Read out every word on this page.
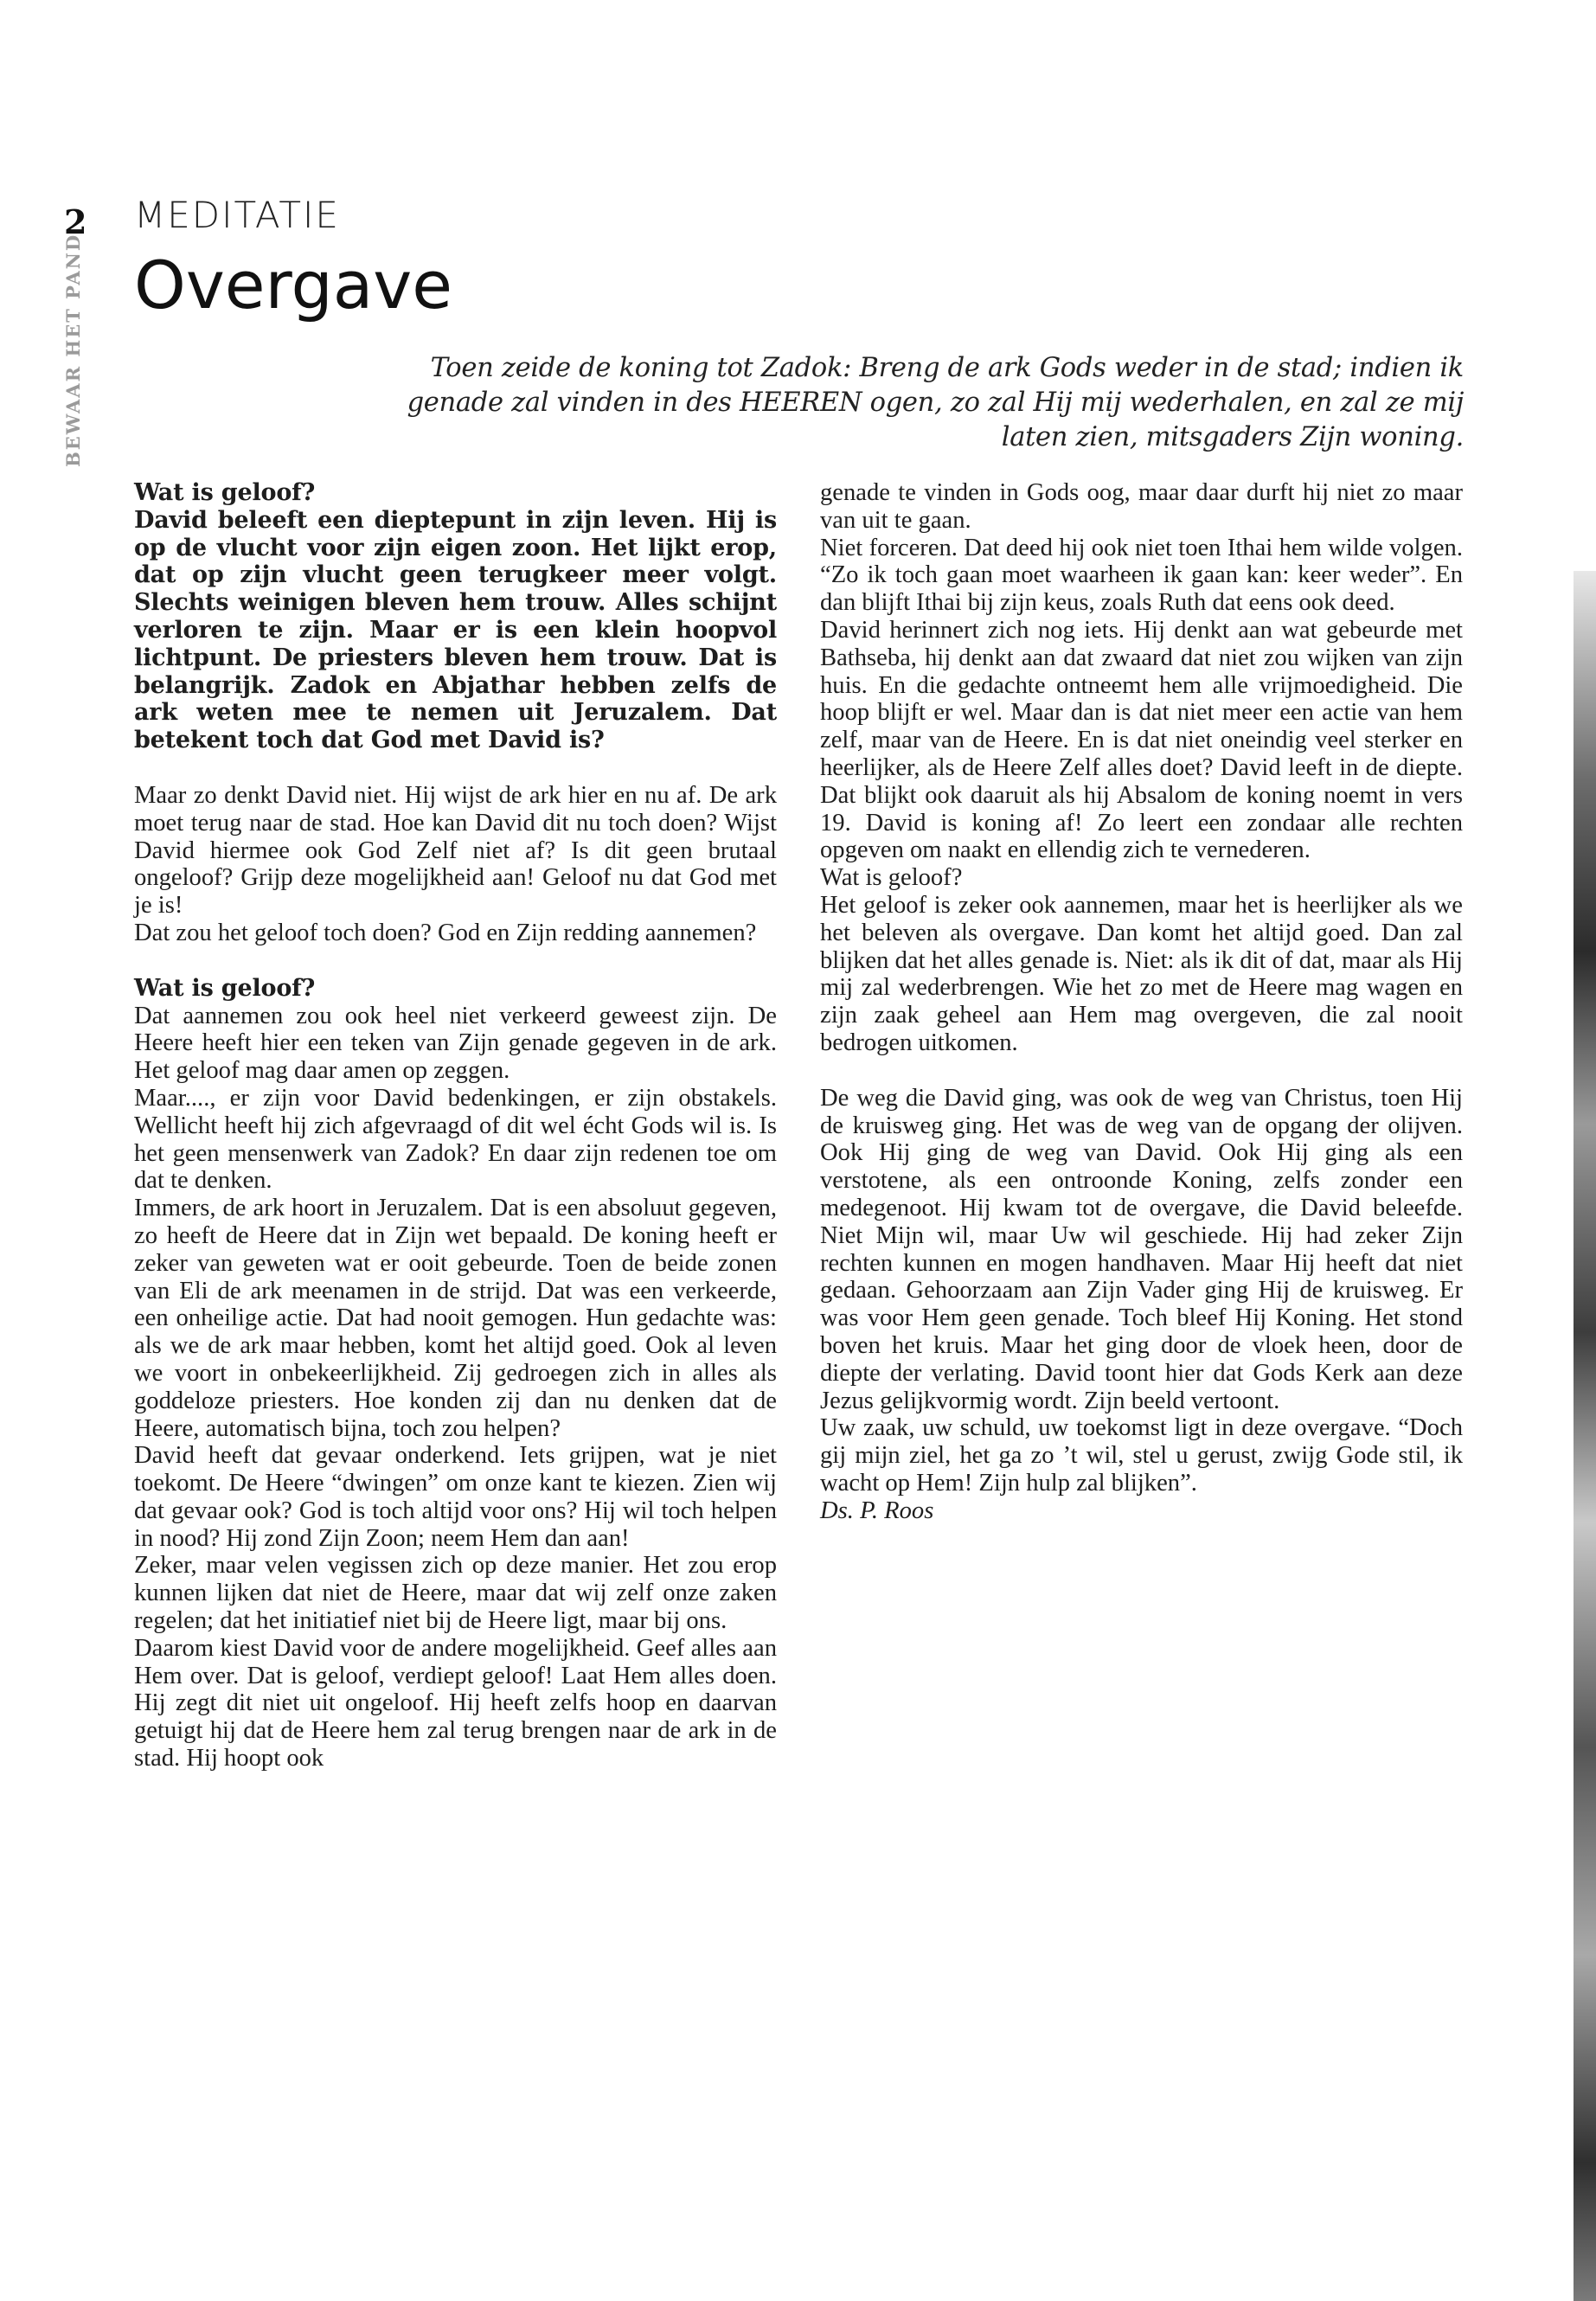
2
BEWAAR HET PAND
MEDITATIE
Overgave
Toen zeide de koning tot Zadok: Breng de ark Gods weder in de stad; indien ik genade zal vinden in des HEEREN ogen, zo zal Hij mij wederhalen, en zal ze mij laten zien, mitsgaders Zijn woning.

Wat is geloof?

David beleeft een dieptepunt in zijn leven. Hij is op de vlucht voor zijn eigen zoon. Het lijkt erop, dat op zijn vlucht geen terugkeer meer volgt. Slechts weinigen bleven hem trouw. Alles schijnt verloren te zijn. Maar er is een klein hoopvol lichtpunt. De priesters bleven hem trouw. Dat is belangrijk. Zadok en Abjathar hebben zelfs de ark weten mee te nemen uit Jeruzalem. Dat betekent toch dat God met David is?

Maar zo denkt David niet. Hij wijst de ark hier en nu af. De ark moet terug naar de stad. Hoe kan David dit nu toch doen? Wijst David hiermee ook God Zelf niet af? Is dit geen brutaal ongeloof? Grijp deze mogelijkheid aan! Geloof nu dat God met je is!

Dat zou het geloof toch doen? God en Zijn redding aannemen?

Wat is geloof?

Dat aannemen zou ook heel niet verkeerd geweest zijn. De Heere heeft hier een teken van Zijn genade gegeven in de ark. Het geloof mag daar amen op zeggen.

Maar...., er zijn voor David bedenkingen, er zijn obstakels. Wellicht heeft hij zich afgevraagd of dit wel écht Gods wil is. Is het geen mensenwerk van Zadok? En daar zijn redenen toe om dat te denken.

Immers, de ark hoort in Jeruzalem. Dat is een absoluut gegeven, zo heeft de Heere dat in Zijn wet bepaald. De koning heeft er zeker van geweten wat er ooit gebeurde. Toen de beide zonen van Eli de ark meenamen in de strijd. Dat was een verkeerde, een onheilige actie. Dat had nooit gemogen. Hun gedachte was: als we de ark maar hebben, komt het altijd goed. Ook al leven we voort in onbekeerlijkheid. Zij gedroegen zich in alles als goddeloze priesters. Hoe konden zij dan nu denken dat de Heere, automatisch bijna, toch zou helpen?

David heeft dat gevaar onderkend. Iets grijpen, wat je niet toekomt. De Heere “dwingen” om onze kant te kiezen. Zien wij dat gevaar ook? God is toch altijd voor ons? Hij wil toch helpen in nood? Hij zond Zijn Zoon; neem Hem dan aan!

Zeker, maar velen vegissen zich op deze manier. Het zou erop kunnen lijken dat niet de Heere, maar dat wij zelf onze zaken regelen; dat het initiatief niet bij de Heere ligt, maar bij ons.

Daarom kiest David voor de andere mogelijkheid. Geef alles aan Hem over. Dat is geloof, verdiept geloof! Laat Hem alles doen. Hij zegt dit niet uit ongeloof. Hij heeft zelfs hoop en daarvan getuigt hij dat de Heere hem zal terug brengen naar de ark in de stad. Hij hoopt ook

genade te vinden in Gods oog, maar daar durft hij niet zo maar van uit te gaan.

Niet forceren. Dat deed hij ook niet toen Ithai hem wilde volgen. “Zo ik toch gaan moet waarheen ik gaan kan: keer weder”. En dan blijft Ithai bij zijn keus, zoals Ruth dat eens ook deed.

David herinnert zich nog iets. Hij denkt aan wat gebeurde met Bathseba, hij denkt aan dat zwaard dat niet zou wijken van zijn huis. En die gedachte ontneemt hem alle vrijmoedigheid. Die hoop blijft er wel. Maar dan is dat niet meer een actie van hem zelf, maar van de Heere. En is dat niet oneindig veel sterker en heerlijker, als de Heere Zelf alles doet? David leeft in de diepte. Dat blijkt ook daaruit als hij Absalom de koning noemt in vers 19. David is koning af! Zo leert een zondaar alle rechten opgeven om naakt en ellendig zich te vernederen.

Wat is geloof?

Het geloof is zeker ook aannemen, maar het is heerlijker als we het beleven als overgave. Dan komt het altijd goed. Dan zal blijken dat het alles genade is. Niet: als ik dit of dat, maar als Hij mij zal wederbrengen. Wie het zo met de Heere mag wagen en zijn zaak geheel aan Hem mag overgeven, die zal nooit bedrogen uitkomen.

De weg die David ging, was ook de weg van Christus, toen Hij de kruisweg ging. Het was de weg van de opgang der olijven. Ook Hij ging de weg van David. Ook Hij ging als een verstotene, als een ontroonde Koning, zelfs zonder een medegenoot. Hij kwam tot de overgave, die David beleefde. Niet Mijn wil, maar Uw wil geschiede. Hij had zeker Zijn rechten kunnen en mogen handhaven. Maar Hij heeft dat niet gedaan. Gehoorzaam aan Zijn Vader ging Hij de kruisweg. Er was voor Hem geen genade. Toch bleef Hij Koning. Het stond boven het kruis. Maar het ging door de vloek heen, door de diepte der verlating. David toont hier dat Gods Kerk aan deze Jezus gelijkvormig wordt. Zijn beeld vertoont.

Uw zaak, uw schuld, uw toekomst ligt in deze overgave. “Doch gij mijn ziel, het ga zo ’t wil, stel u gerust, zwijg Gode stil, ik wacht op Hem! Zijn hulp zal blijken”.

Ds. P. Roos
